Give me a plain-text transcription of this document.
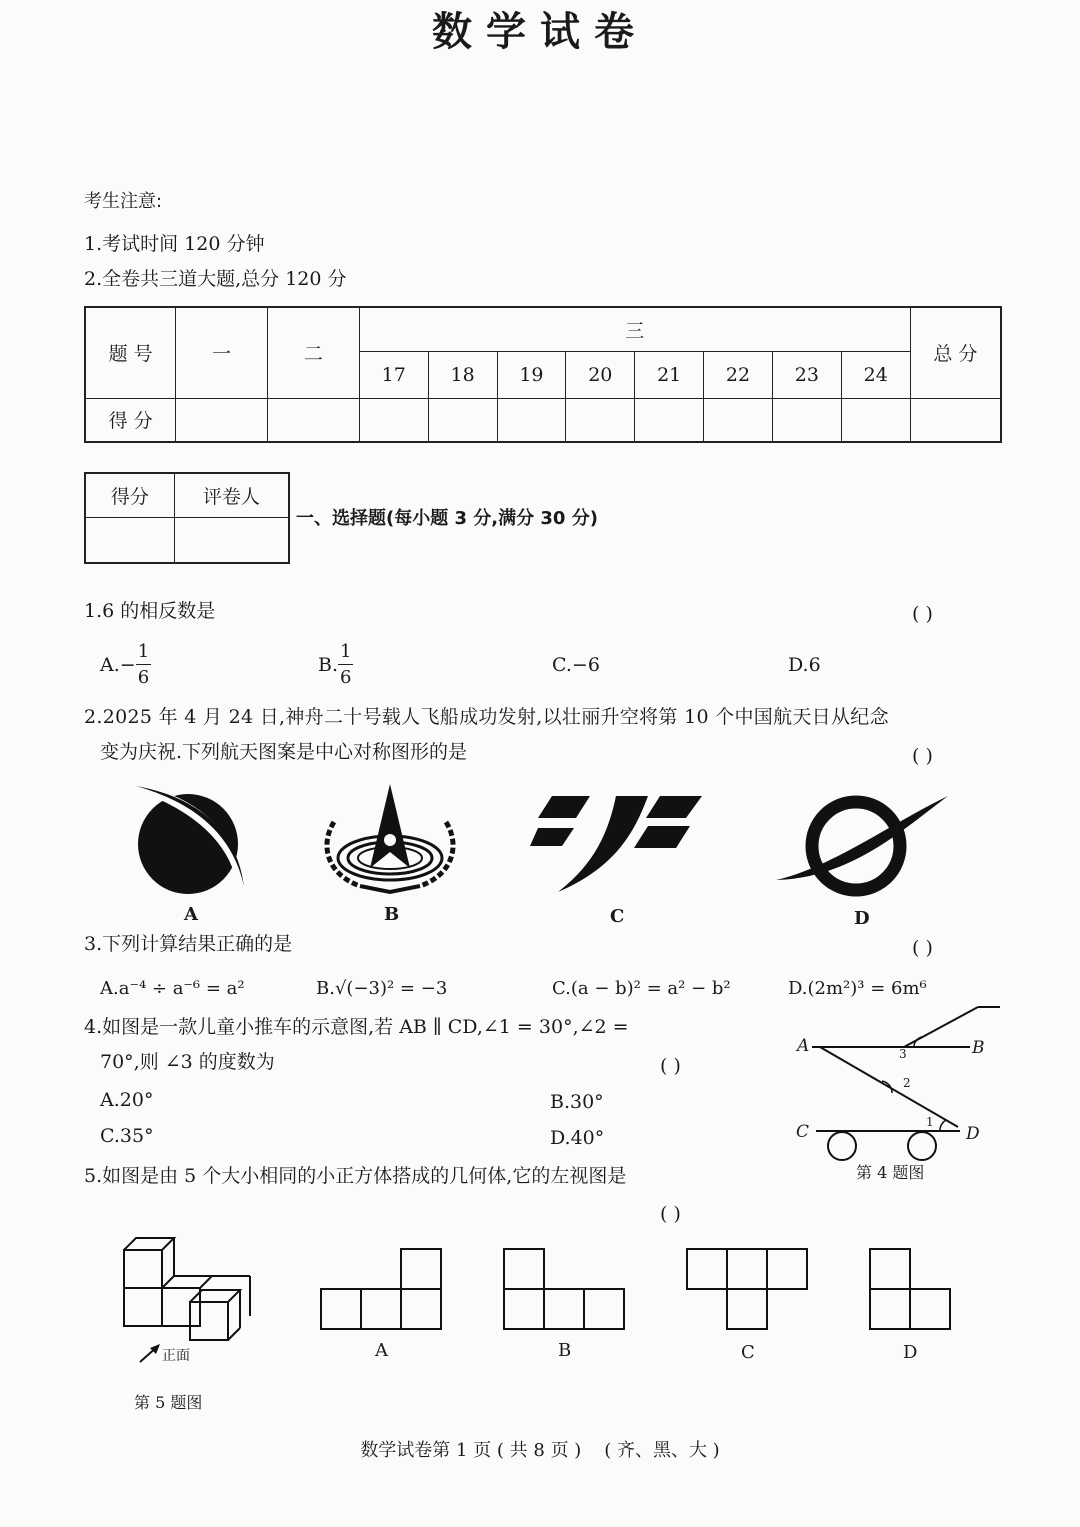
数学试卷
考生注意:
1.考试时间 120 分钟
2.全卷共三道大题,总分 120 分
题 号	一	二	三								总 分
			17	18	19	20	21	22	23	24	
得 分											
得分	评卷人

一、选择题(每小题 3 分,满分 30 分)
1.6 的相反数是	( )
$A.- \frac{1}{6}$	B. $\frac{1}{6}$	C.−6	D.6
2.2025 年 4 月 24 日,神舟二十号载人飞船成功发射,以壮丽升空将第 10 个中国航天日从纪念
变为庆祝.下列航天图案是中心对称图形的是	( )
A	B	C	D
3.下列计算结果正确的是	( )
A.a⁻⁴ ÷ a⁻⁶ = a²	B.√(−3)² = −3	C.(a − b)² = a² − b²	D.(2m²)³ = 6m⁶
4.如图是一款儿童小推车的示意图,若 AB ∥ CD,∠1 = 30°,∠2 =
70°,则 ∠3 的度数为	( )
A.20°	B.30°
C.35°	D.40°
A	B
C	D
1
2
3
第 4 题图
5.如图是由 5 个大小相同的小正方体搭成的几何体,它的左视图是
( )
正面	A	B	C	D
第 5 题图
数学试卷第 1 页 ( 共 8 页 )    ( 齐、黑、大 )
